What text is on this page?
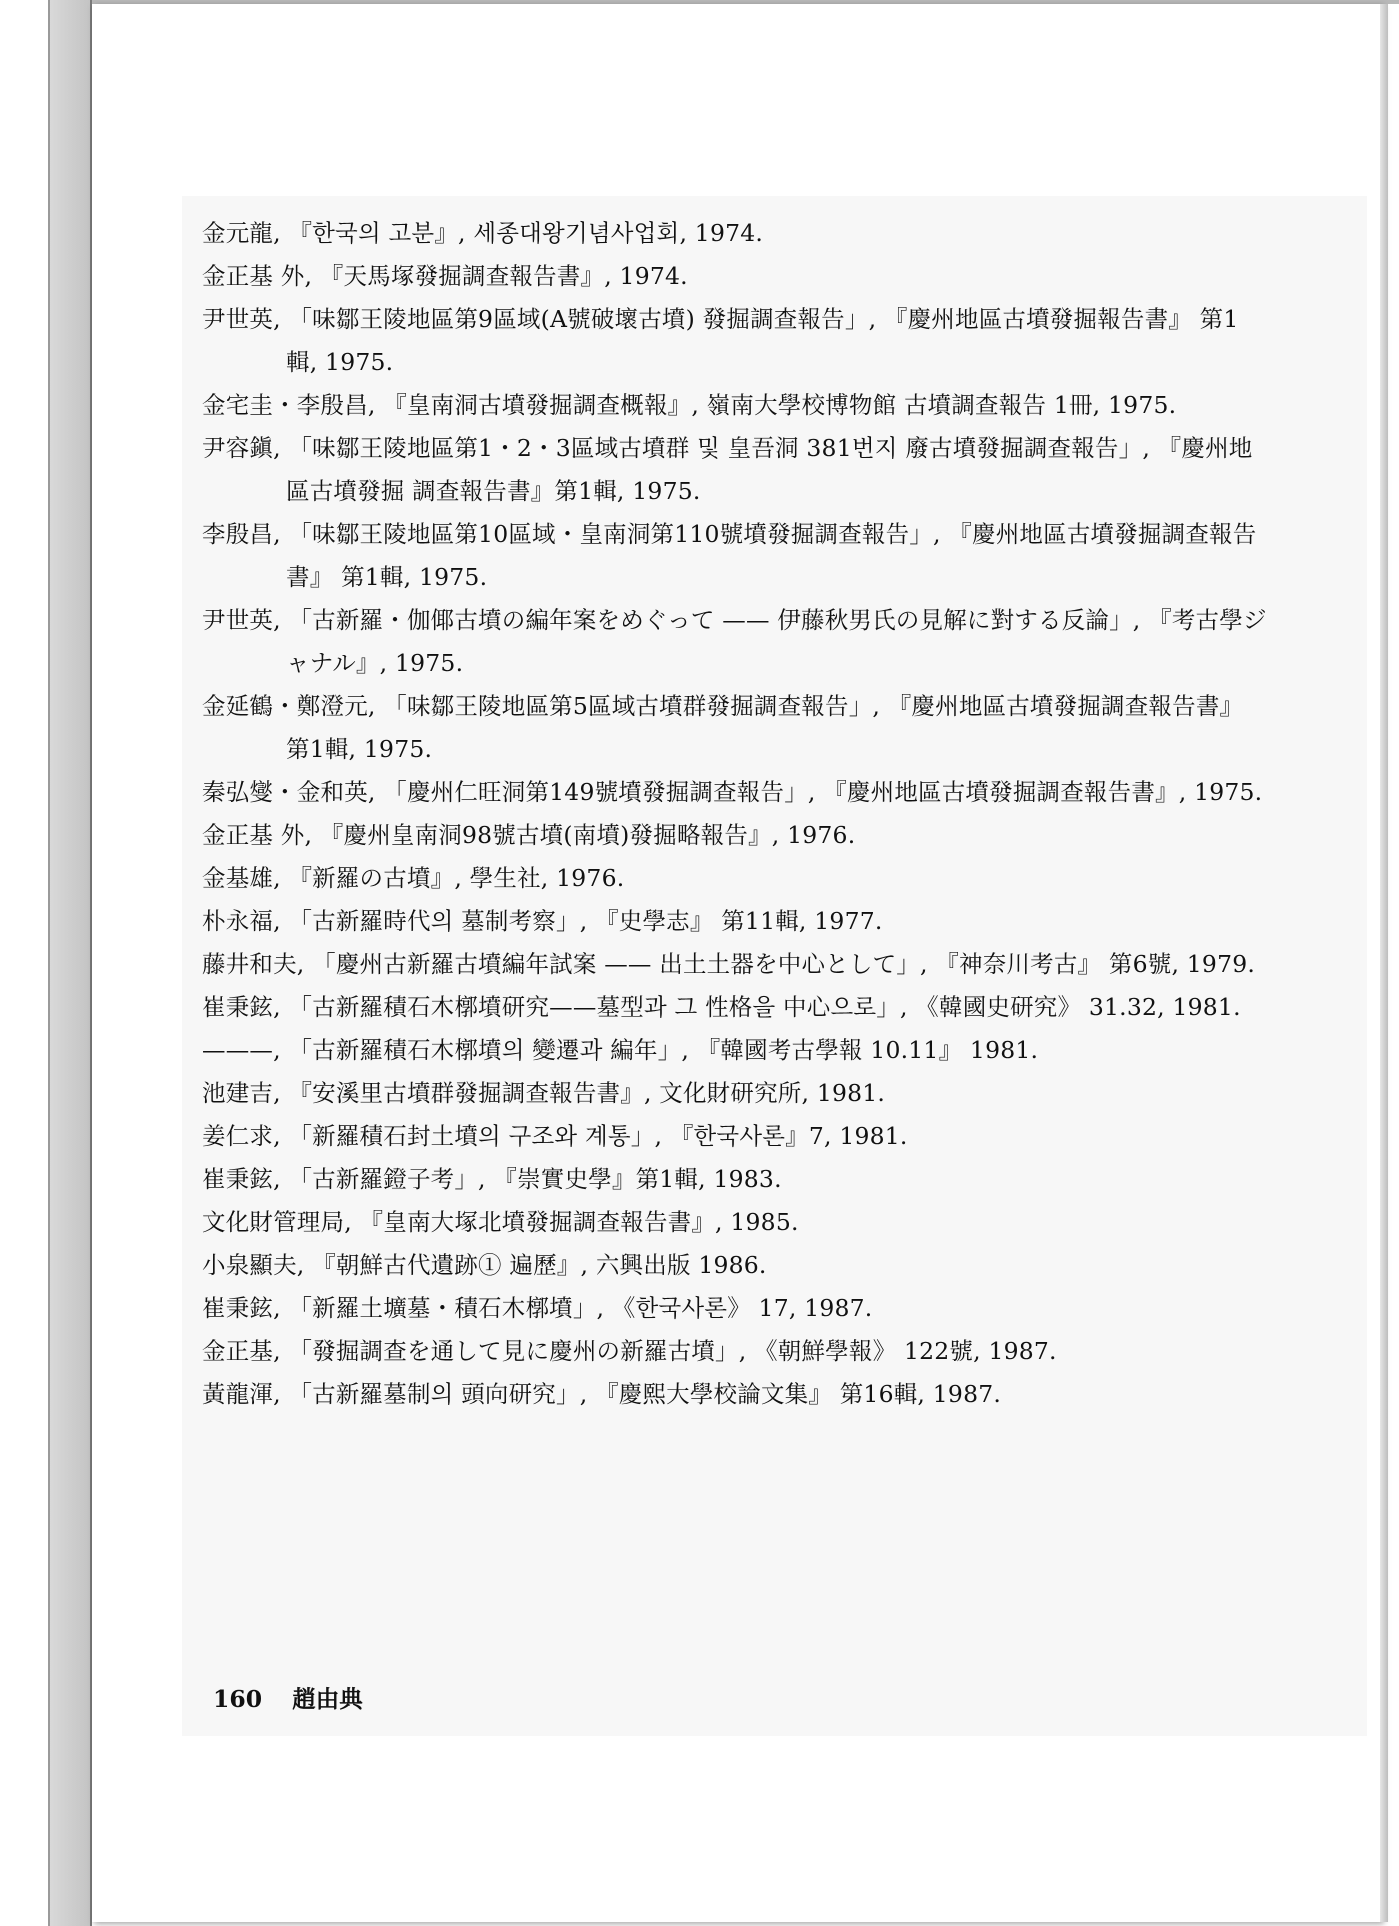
金元龍, 『한국의 고분』, 세종대왕기념사업회, 1974.
金正基 外, 『天馬塚發掘調查報告書』, 1974.
尹世英, 「味鄒王陵地區第9區域(A號破壞古墳) 發掘調查報告」, 『慶州地區古墳發掘報告書』 第1輯, 1975.
金宅圭・李殷昌, 『皇南洞古墳發掘調查概報』, 嶺南大學校博物館 古墳調查報告 1冊, 1975.
尹容鎭, 「味鄒王陵地區第1・2・3區域古墳群 및 皇吾洞 381번지 廢古墳發掘調查報告」, 『慶州地區古墳發掘 調查報告書』第1輯, 1975.
李殷昌, 「味鄒王陵地區第10區域・皇南洞第110號墳發掘調查報告」, 『慶州地區古墳發掘調查報告書』 第1輯, 1975.
尹世英, 「古新羅・伽倻古墳の編年案をめぐって —— 伊藤秋男氏の見解に對する反論」, 『考古學ジャナル』, 1975.
金延鶴・鄭澄元, 「味鄒王陵地區第5區域古墳群發掘調查報告」, 『慶州地區古墳發掘調查報告書』 第1輯, 1975.
秦弘燮・金和英, 「慶州仁旺洞第149號墳發掘調查報告」, 『慶州地區古墳發掘調查報告書』, 1975.
金正基 外, 『慶州皇南洞98號古墳(南墳)發掘略報告』, 1976.
金基雄, 『新羅の古墳』, 學生社, 1976.
朴永福, 「古新羅時代의 墓制考察」, 『史學志』 第11輯, 1977.
藤井和夫, 「慶州古新羅古墳編年試案 —— 出土土器を中心として」, 『神奈川考古』 第6號, 1979.
崔秉鉉, 「古新羅積石木槨墳研究——墓型과 그 性格을 中心으로」, 《韓國史研究》 31.32, 1981.
———, 「古新羅積石木槨墳의 變遷과 編年」, 『韓國考古學報 10.11』 1981.
池建吉, 『安溪里古墳群發掘調查報告書』, 文化財研究所, 1981.
姜仁求, 「新羅積石封土墳의 구조와 계통」, 『한국사론』7, 1981.
崔秉鉉, 「古新羅鐙子考」, 『崇實史學』第1輯, 1983.
文化財管理局, 『皇南大塚北墳發掘調查報告書』, 1985.
小泉顯夫, 『朝鮮古代遺跡① 遍歷』, 六興出版 1986.
崔秉鉉, 「新羅土壙墓・積石木槨墳」, 《한국사론》 17, 1987.
金正基, 「發掘調查を通して見に慶州の新羅古墳」, 《朝鮮學報》 122號, 1987.
黃龍渾, 「古新羅墓制의 頭向研究」, 『慶熙大學校論文集』 第16輯, 1987.
160 趙由典
